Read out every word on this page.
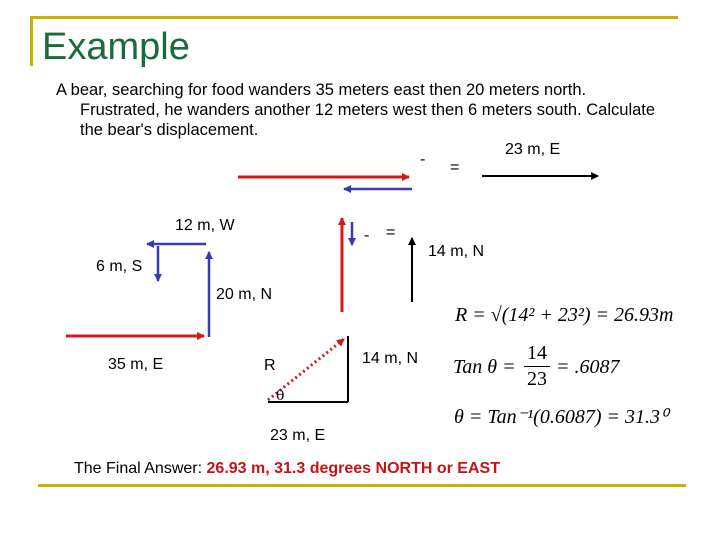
Example
A bear, searching for food wanders 35 meters east then 20 meters north.
Frustrated, he wanders another 12 meters west then 6 meters south. Calculate
the bear's displacement.
- =
23 m, E
- =
14 m, N
12 m, W
6 m, S
20 m, N
35 m, E	R	14 m, N
θ
23 m, E
R = √(14² + 23²) = 26.93m
Tan θ =
14
23
= .6087
θ = Tan⁻¹(0.6087) = 31.3⁰
The Final Answer: 26.93 m, 31.3 degrees NORTH or EAST
